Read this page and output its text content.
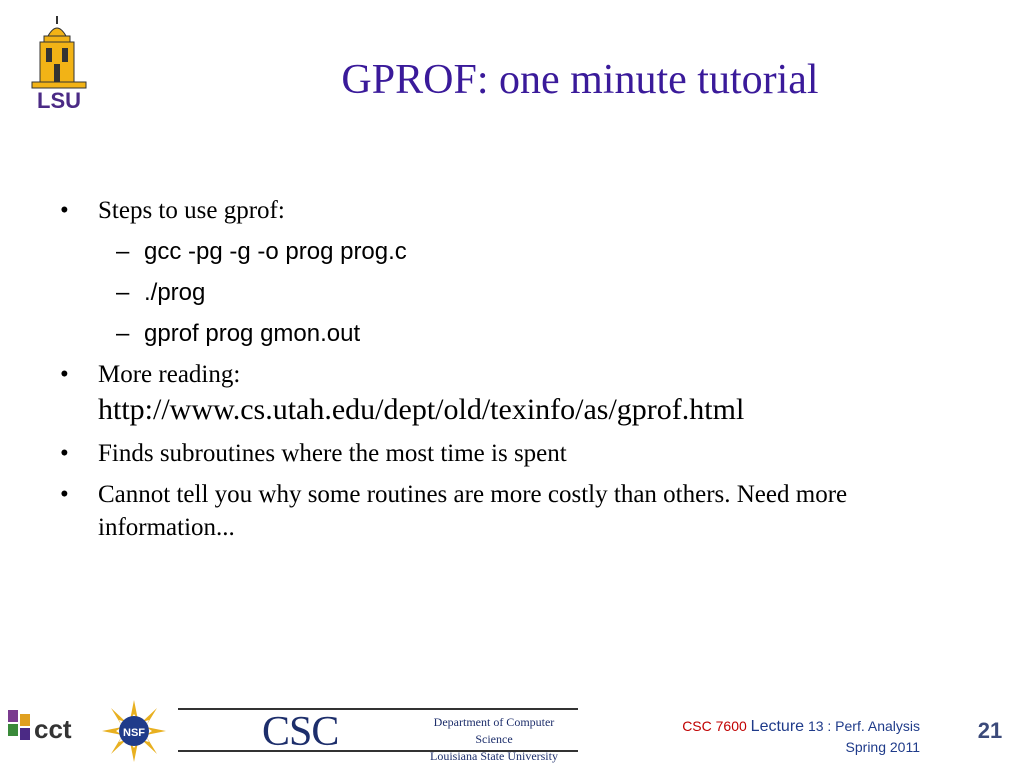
LSU	GPROF: one minute tutorial
• Steps to use gprof:
– gcc -pg -g -o prog prog.c
– ./prog
– gprof prog gmon.out
• More reading:
http://www.cs.utah.edu/dept/old/texinfo/as/gprof.html
• Finds subroutines where the most time is spent
• Cannot tell you why some routines are more costly than others. Need more information...
cct	NSF	CSC	Department of Computer Science
Louisiana State University
CSC 7600 Lecture 13 : Perf. Analysis
Spring 2011
21
